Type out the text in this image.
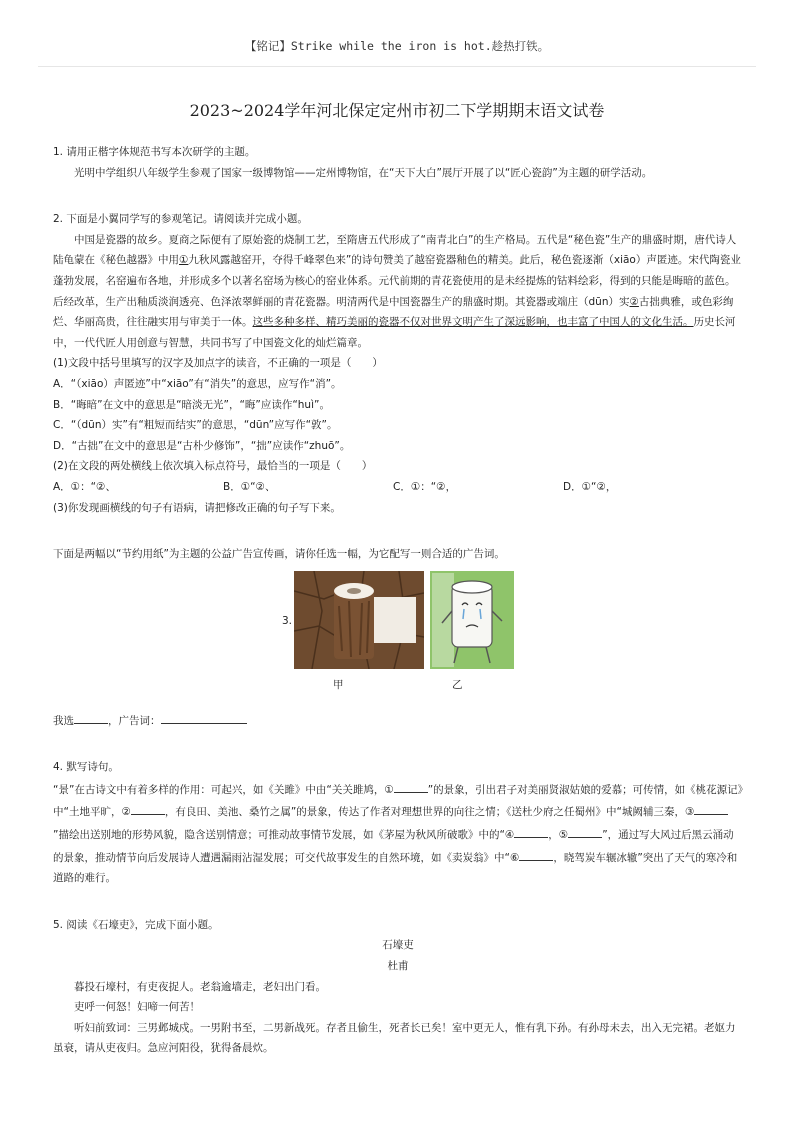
【铭记】Strike while the iron is hot.趁热打铁。
2023~2024学年河北保定定州市初二下学期期末语文试卷

1. 请用正楷字体规范书写本次研学的主题。

光明中学组织八年级学生参观了国家一级博物馆——定州博物馆，在“天下大白”展厅开展了以“匠心瓷韵”为主题的研学活动。

2. 下面是小翼同学写的参观笔记。请阅读并完成小题。

中国是瓷器的故乡。夏商之际便有了原始瓷的烧制工艺，至隋唐五代形成了“南青北白”的生产格局。五代是“秘色瓷”生产的鼎盛时期，唐代诗人陆龟蒙在《秘色越器》中用①九秋风露越窑开，夺得千峰翠色来”的诗句赞美了越窑瓷器釉色的精美。此后，秘色瓷逐渐（xiāo）声匿迹。宋代陶瓷业蓬勃发展，名窑遍布各地，并形成多个以著名窑场为核心的窑业体系。元代前期的青花瓷使用的是未经提炼的钴料绘彩，得到的只能是晦暗的蓝色。后经改革，生产出釉质淡润透亮、色泽浓翠鲜丽的青花瓷器。明清两代是中国瓷器生产的鼎盛时期。其瓷器或端庄（dūn）实②古拙典雅，或色彩绚烂、华丽高贵，往往融实用与审美于一体。这些多种多样、精巧美丽的瓷器不仅对世界文明产生了深远影响，也丰富了中国人的文化生活。历史长河中，一代代匠人用创意与智慧，共同书写了中国瓷文化的灿烂篇章。

(1)文段中括号里填写的汉字及加点字的读音，不正确的一项是（　　）

A．“（xiāo）声匿迹”中“xiāo”有“消失”的意思，应写作“消”。

B．“晦暗”在文中的意思是“暗淡无光”，“晦”应读作“huì”。

C．“（dūn）实”有“粗短而结实”的意思，“dūn”应写作“敦”。

D．“古拙”在文中的意思是“古朴少修饰”，“拙”应读作“zhuō”。

(2)在文段的两处横线上依次填入标点符号，最恰当的一项是（　　）

A．①：“②、	B．①“②、	C．①：“②，	D．①“②，

(3)你发现画横线的句子有语病，请把修改正确的句子写下来。

下面是两幅以“节约用纸”为主题的公益广告宣传画，请你任选一幅，为它配写一则合适的广告词。

3.
甲	乙

我选	，广告词：

4. 默写诗句。

“景”在古诗文中有着多样的作用：可起兴，如《关雎》中由“关关雎鸠，①	”的景象，引出君子对美丽贤淑姑娘的爱慕；可传情，如《桃花源记》中“土地平旷，②	，有良田、美池、桑竹之属”的景象，传达了作者对理想世界的向往之情；《送杜少府之任蜀州》中“城阙辅三秦，③”描绘出送别地的形势风貌，隐含送别情意；可推动故事情节发展，如《茅屋为秋风所破歌》中的“④	，⑤	”，通过写大风过后黑云涌动的景象，推动情节向后发展诗人遭遇漏雨沾湿发展；可交代故事发生的自然环境，如《卖炭翁》中“⑥	，晓驾炭车辗冰辙”突出了天气的寒冷和道路的难行。

5. 阅读《石壕吏》，完成下面小题。

石壕吏

杜甫

暮投石壕村，有吏夜捉人。老翁逾墙走，老妇出门看。

吏呼一何怒！妇啼一何苦！

听妇前致词：三男邺城戍。一男附书至，二男新战死。存者且偷生，死者长已矣！室中更无人，惟有乳下孙。有孙母未去，出入无完裙。老妪力虽衰，请从吏夜归。急应河阳役，犹得备晨炊。
